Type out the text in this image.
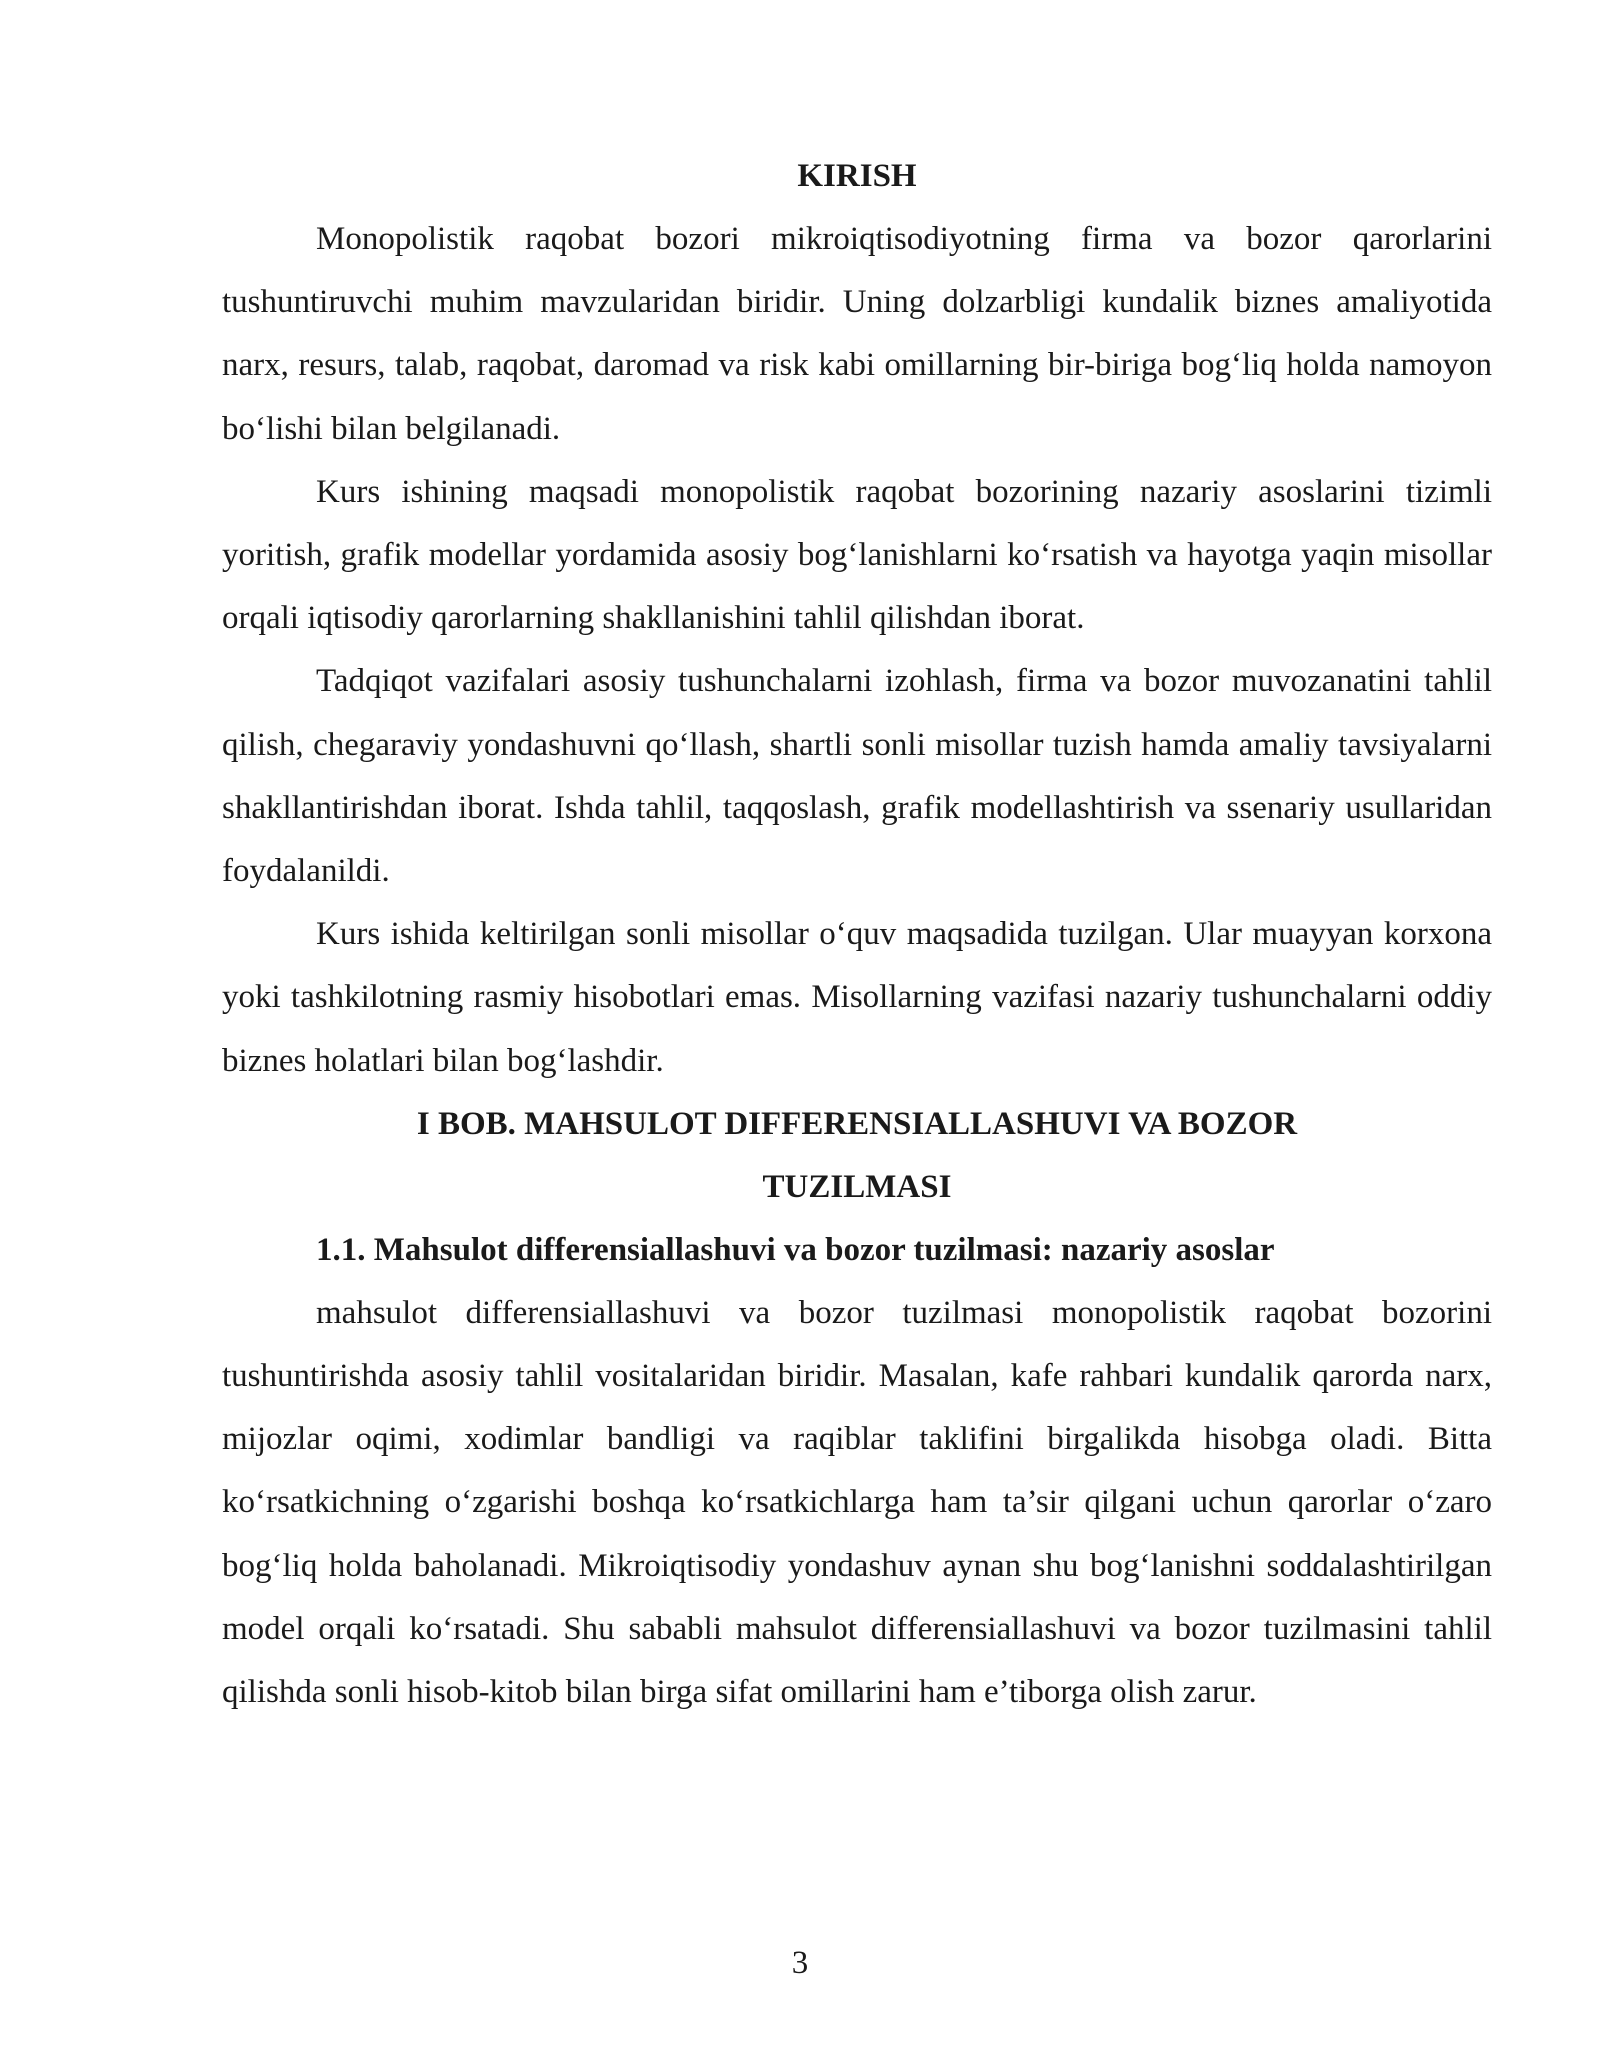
KIRISH

Monopolistik raqobat bozori mikroiqtisodiyotning firma va bozor qarorlarini tushuntiruvchi muhim mavzularidan biridir. Uning dolzarbligi kundalik biznes amaliyotida narx, resurs, talab, raqobat, daromad va risk kabi omillarning bir-biriga bog‘liq holda namoyon bo‘lishi bilan belgilanadi.

Kurs ishining maqsadi monopolistik raqobat bozorining nazariy asoslarini tizimli yoritish, grafik modellar yordamida asosiy bog‘lanishlarni ko‘rsatish va hayotga yaqin misollar orqali iqtisodiy qarorlarning shakllanishini tahlil qilishdan iborat.

Tadqiqot vazifalari asosiy tushunchalarni izohlash, firma va bozor muvozanatini tahlil qilish, chegaraviy yondashuvni qo‘llash, shartli sonli misollar tuzish hamda amaliy tavsiyalarni shakllantirishdan iborat. Ishda tahlil, taqqoslash, grafik modellashtirish va ssenariy usullaridan foydalanildi.

Kurs ishida keltirilgan sonli misollar o‘quv maqsadida tuzilgan. Ular muayyan korxona yoki tashkilotning rasmiy hisobotlari emas. Misollarning vazifasi nazariy tushunchalarni oddiy biznes holatlari bilan bog‘lashdir.

I BOB. MAHSULOT DIFFERENSIALLASHUVI VA BOZOR

TUZILMASI

1.1. Mahsulot differensiallashuvi va bozor tuzilmasi: nazariy asoslar

mahsulot differensiallashuvi va bozor tuzilmasi monopolistik raqobat bozorini tushuntirishda asosiy tahlil vositalaridan biridir. Masalan, kafe rahbari kundalik qarorda narx, mijozlar oqimi, xodimlar bandligi va raqiblar taklifini birgalikda hisobga oladi. Bitta ko‘rsatkichning o‘zgarishi boshqa ko‘rsatkichlarga ham ta’sir qilgani uchun qarorlar o‘zaro bog‘liq holda baholanadi. Mikroiqtisodiy yondashuv aynan shu bog‘lanishni soddalashtirilgan model orqali ko‘rsatadi. Shu sababli mahsulot differensiallashuvi va bozor tuzilmasini tahlil qilishda sonli hisob-kitob bilan birga sifat omillarini ham e’tiborga olish zarur.

3
